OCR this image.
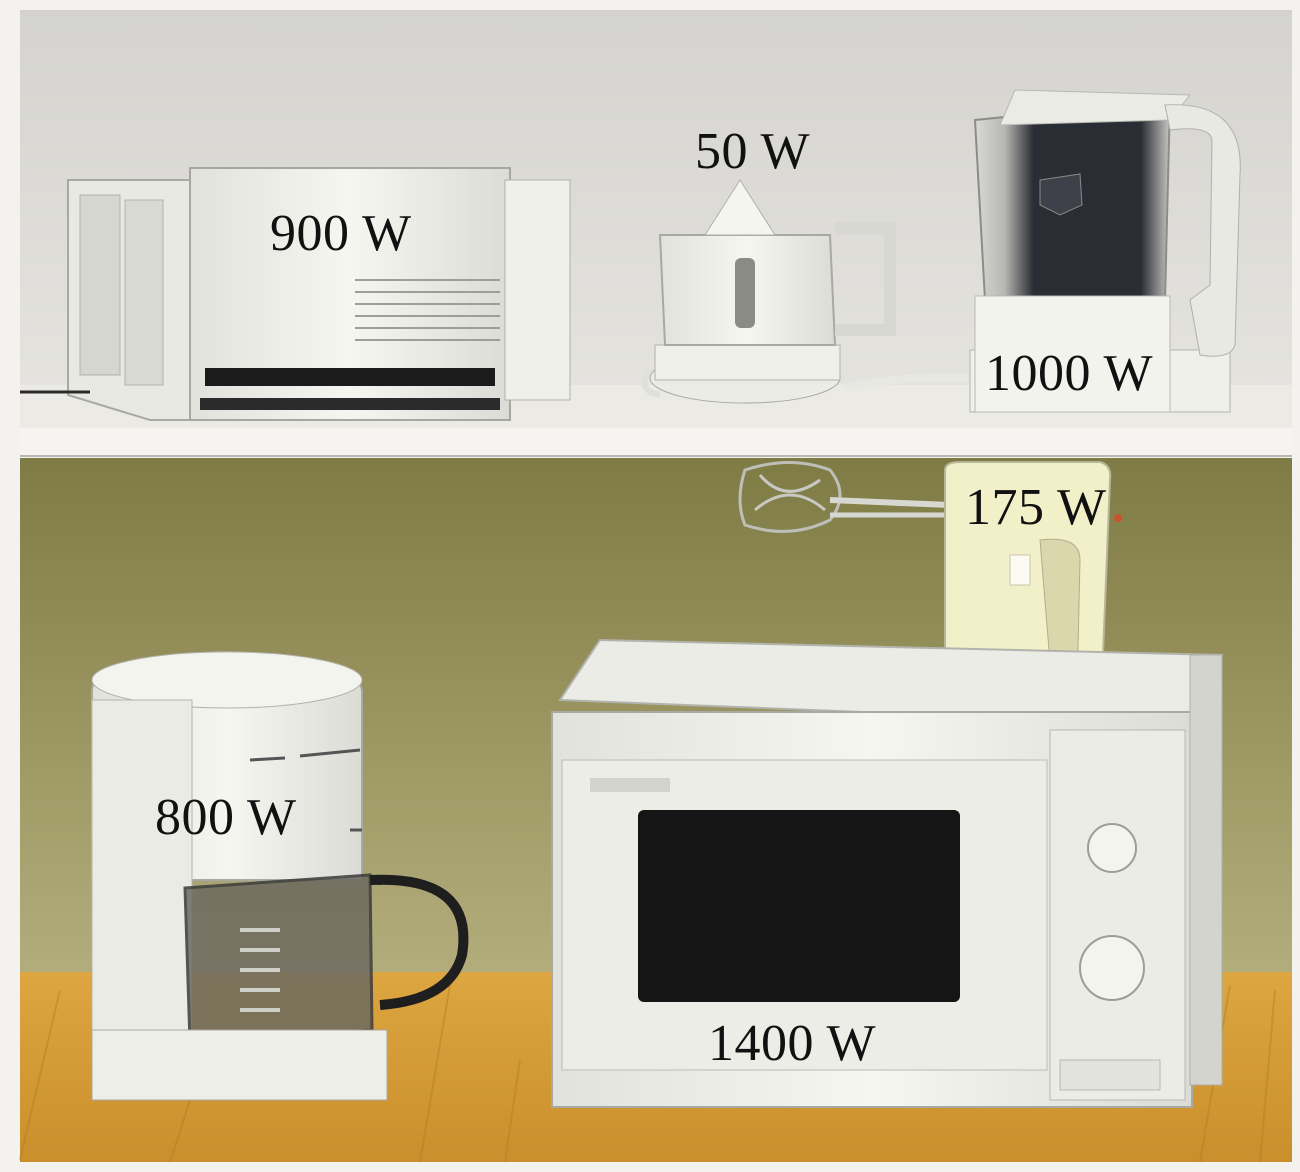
900 W
50 W
1000 W
175 W
800 W
1400 W
